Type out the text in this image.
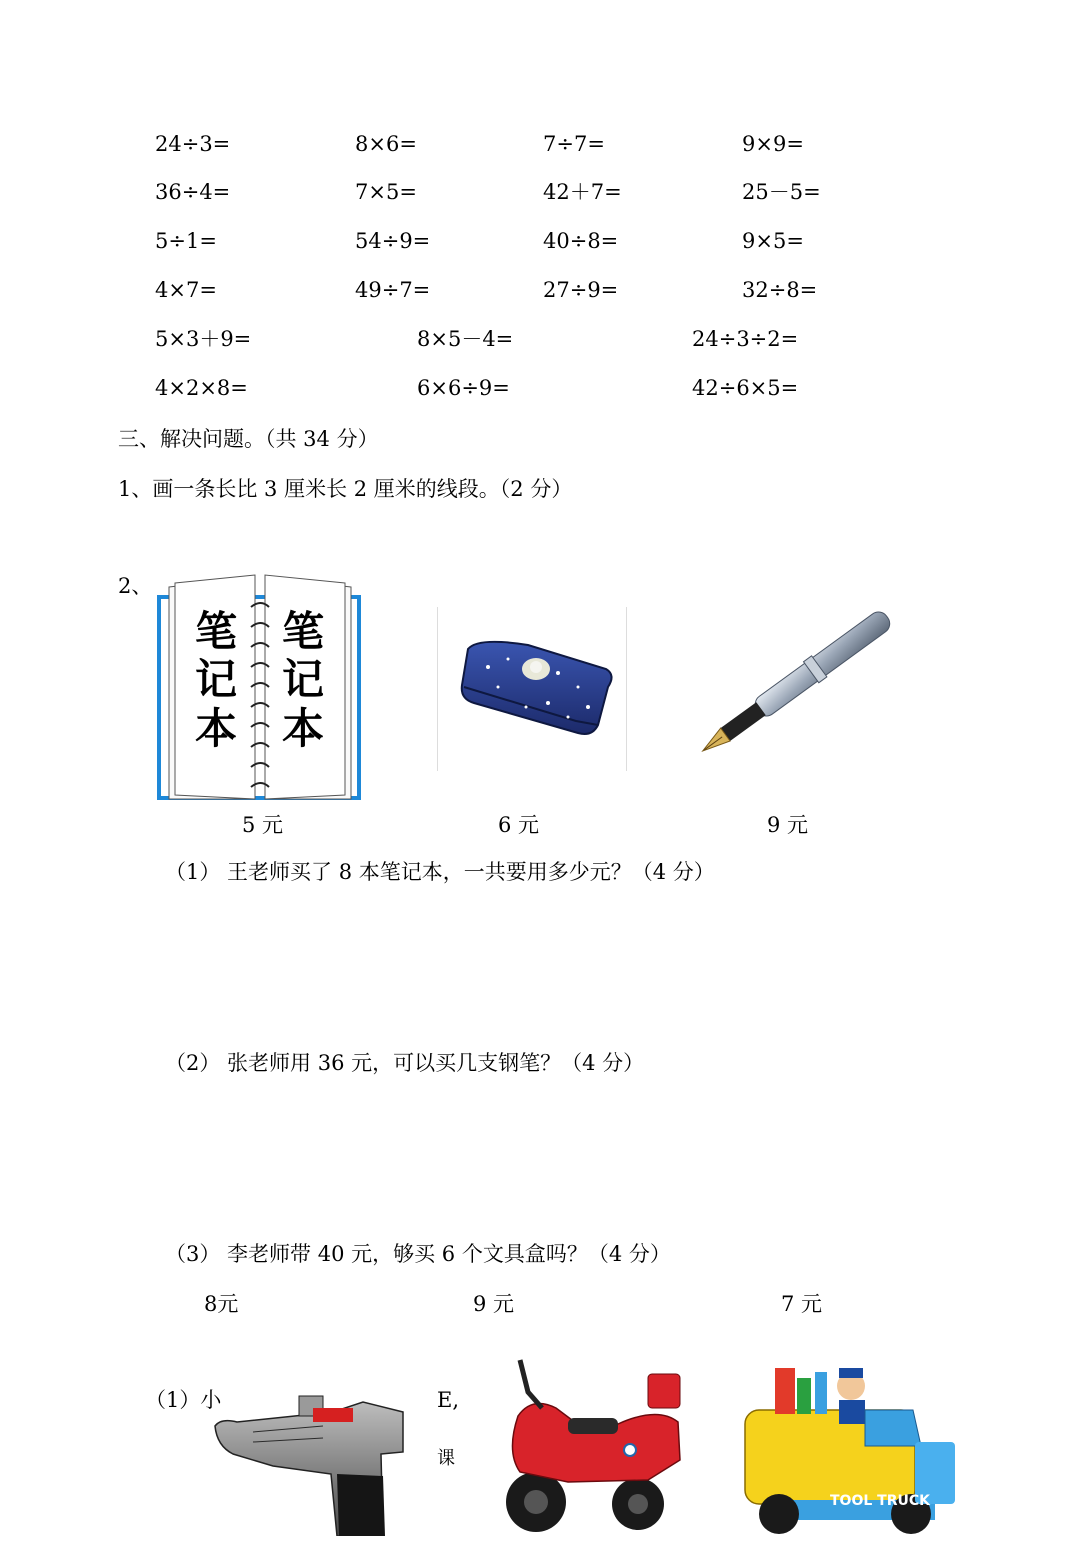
24÷3=	8×6=	7÷7=	9×9=
36÷4=	7×5=	42＋7=	25－5=
5÷1=	54÷9=	40÷8=	9×5=
4×7=	49÷7=	27÷9=	32÷8=
5×3＋9=	8×5－4=	24÷3÷2=
4×2×8=	6×6÷9=	42÷6×5=
三、解决问题。（共 34 分）
1、画一条长比 3 厘米长 2 厘米的线段。（2 分）
2、
笔
记
本
笔
记
本
5 元	6 元	9 元
（1） 王老师买了 8 本笔记本，一共要用多少元？（4 分）
（2） 张老师用 36 元，可以买几支钢笔？（4 分）
（3） 李老师带 40 元，够买 6 个文具盒吗？（4 分）
8元	9 元	7 元
（1）小	E,
课
TOOL TRUCK
